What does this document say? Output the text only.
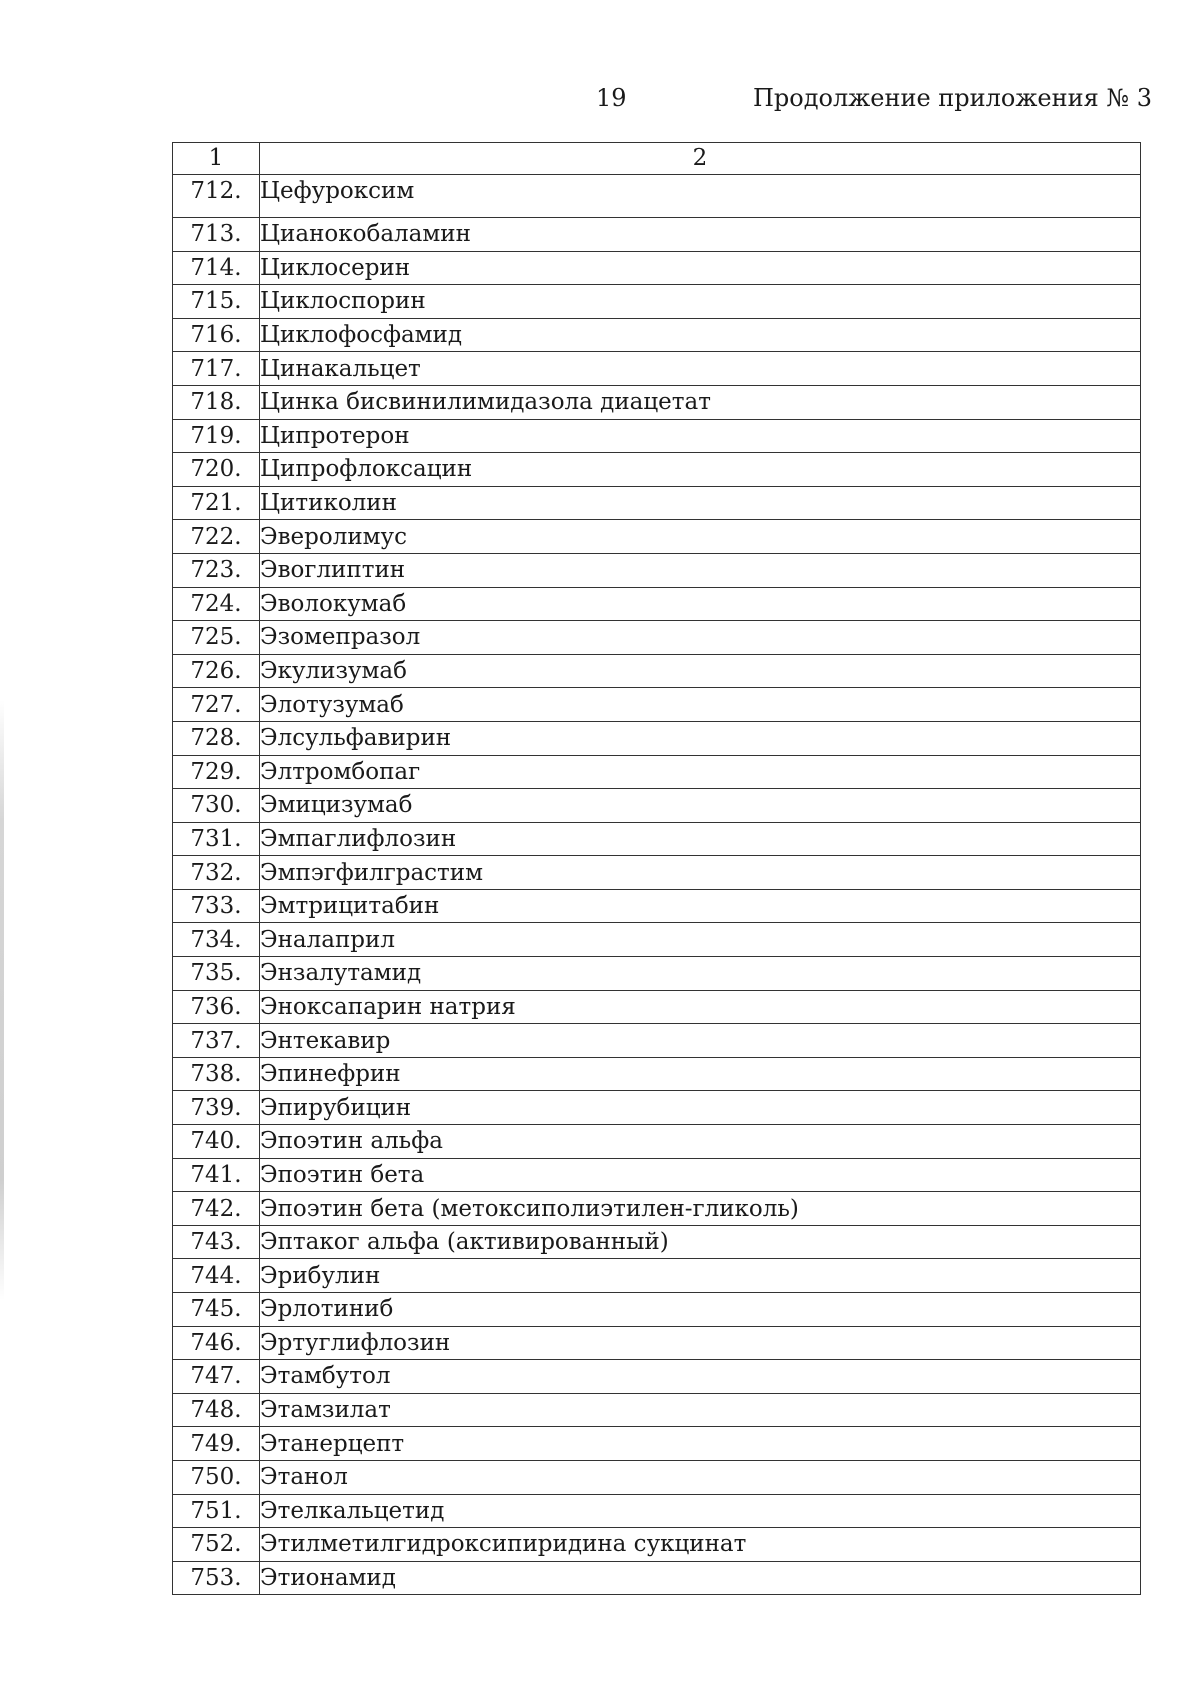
19	Продолжение приложения № 3
1	2
712.	Цефуроксим
713.	Цианокобаламин
714.	Циклосерин
715.	Циклоспорин
716.	Циклофосфамид
717.	Цинакальцет
718.	Цинка бисвинилимидазола диацетат
719.	Ципротерон
720.	Ципрофлоксацин
721.	Цитиколин
722.	Эверолимус
723.	Эвоглиптин
724.	Эволокумаб
725.	Эзомепразол
726.	Экулизумаб
727.	Элотузумаб
728.	Элсульфавирин
729.	Элтромбопаг
730.	Эмицизумаб
731.	Эмпаглифлозин
732.	Эмпэгфилграстим
733.	Эмтрицитабин
734.	Эналаприл
735.	Энзалутамид
736.	Эноксапарин натрия
737.	Энтекавир
738.	Эпинефрин
739.	Эпирубицин
740.	Эпоэтин альфа
741.	Эпоэтин бета
742.	Эпоэтин бета (метоксиполиэтилен-гликоль)
743.	Эптаког альфа (активированный)
744.	Эрибулин
745.	Эрлотиниб
746.	Эртуглифлозин
747.	Этамбутол
748.	Этамзилат
749.	Этанерцепт
750.	Этанол
751.	Этелкальцетид
752.	Этилметилгидроксипиридина сукцинат
753.	Этионамид
